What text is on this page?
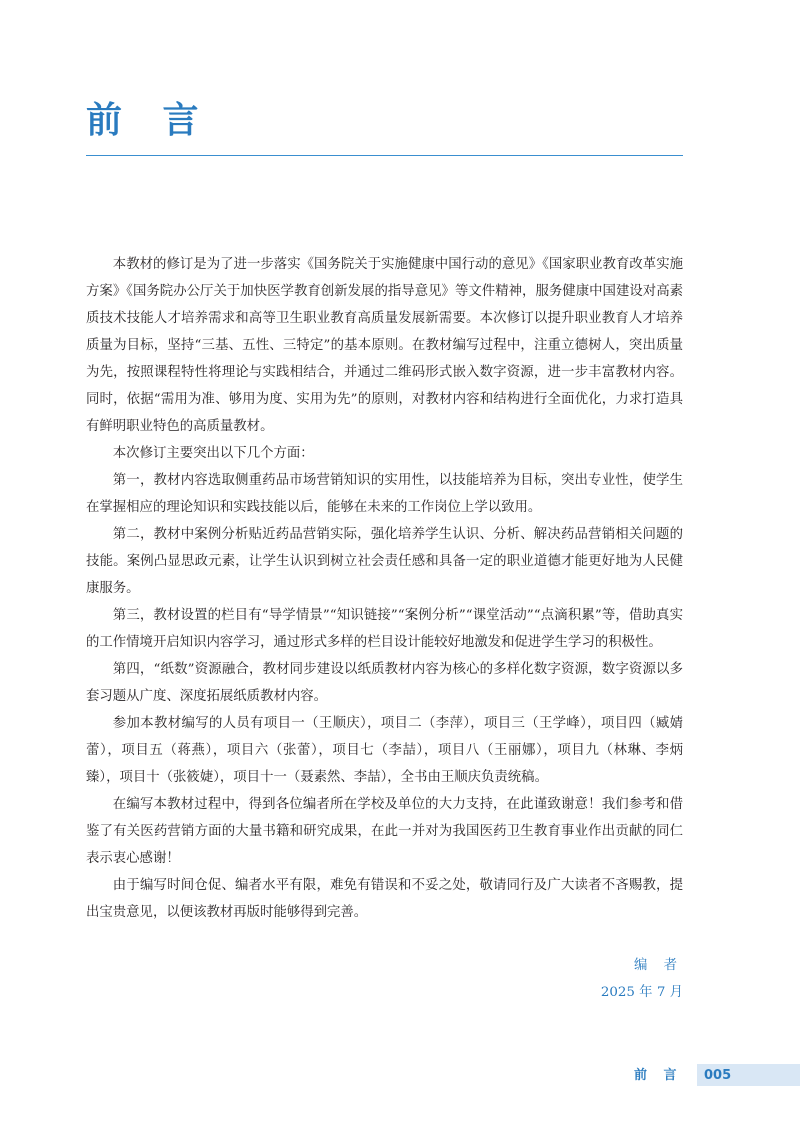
前 言

本教材的修订是为了进一步落实《国务院关于实施健康中国行动的意见》《国家职业教育改革实施方案》《国务院办公厅关于加快医学教育创新发展的指导意见》等文件精神，服务健康中国建设对高素质技术技能人才培养需求和高等卫生职业教育高质量发展新需要。本次修订以提升职业教育人才培养质量为目标，坚持“三基、五性、三特定”的基本原则。在教材编写过程中，注重立德树人，突出质量为先，按照课程特性将理论与实践相结合，并通过二维码形式嵌入数字资源，进一步丰富教材内容。同时，依据“需用为准、够用为度、实用为先”的原则，对教材内容和结构进行全面优化，力求打造具有鲜明职业特色的高质量教材。

本次修订主要突出以下几个方面：

第一，教材内容选取侧重药品市场营销知识的实用性，以技能培养为目标，突出专业性，使学生在掌握相应的理论知识和实践技能以后，能够在未来的工作岗位上学以致用。

第二，教材中案例分析贴近药品营销实际，强化培养学生认识、分析、解决药品营销相关问题的技能。案例凸显思政元素，让学生认识到树立社会责任感和具备一定的职业道德才能更好地为人民健康服务。

第三，教材设置的栏目有“导学情景”“知识链接”“案例分析”“课堂活动”“点滴积累”等，借助真实的工作情境开启知识内容学习，通过形式多样的栏目设计能较好地激发和促进学生学习的积极性。

第四，“纸数”资源融合，教材同步建设以纸质教材内容为核心的多样化数字资源，数字资源以多套习题从广度、深度拓展纸质教材内容。

参加本教材编写的人员有项目一（王顺庆），项目二（李萍），项目三（王学峰），项目四（臧婧蕾），项目五（蒋燕），项目六（张蕾），项目七（李喆），项目八（王丽娜），项目九（林琳、李炳臻），项目十（张筱婕），项目十一（聂素然、李喆），全书由王顺庆负责统稿。

在编写本教材过程中，得到各位编者所在学校及单位的大力支持，在此谨致谢意！我们参考和借鉴了有关医药营销方面的大量书籍和研究成果，在此一并对为我国医药卫生教育事业作出贡献的同仁表示衷心感谢！

由于编写时间仓促、编者水平有限，难免有错误和不妥之处，敬请同行及广大读者不吝赐教，提出宝贵意见，以便该教材再版时能够得到完善。

编 者
2025 年 7 月

前 言 005
